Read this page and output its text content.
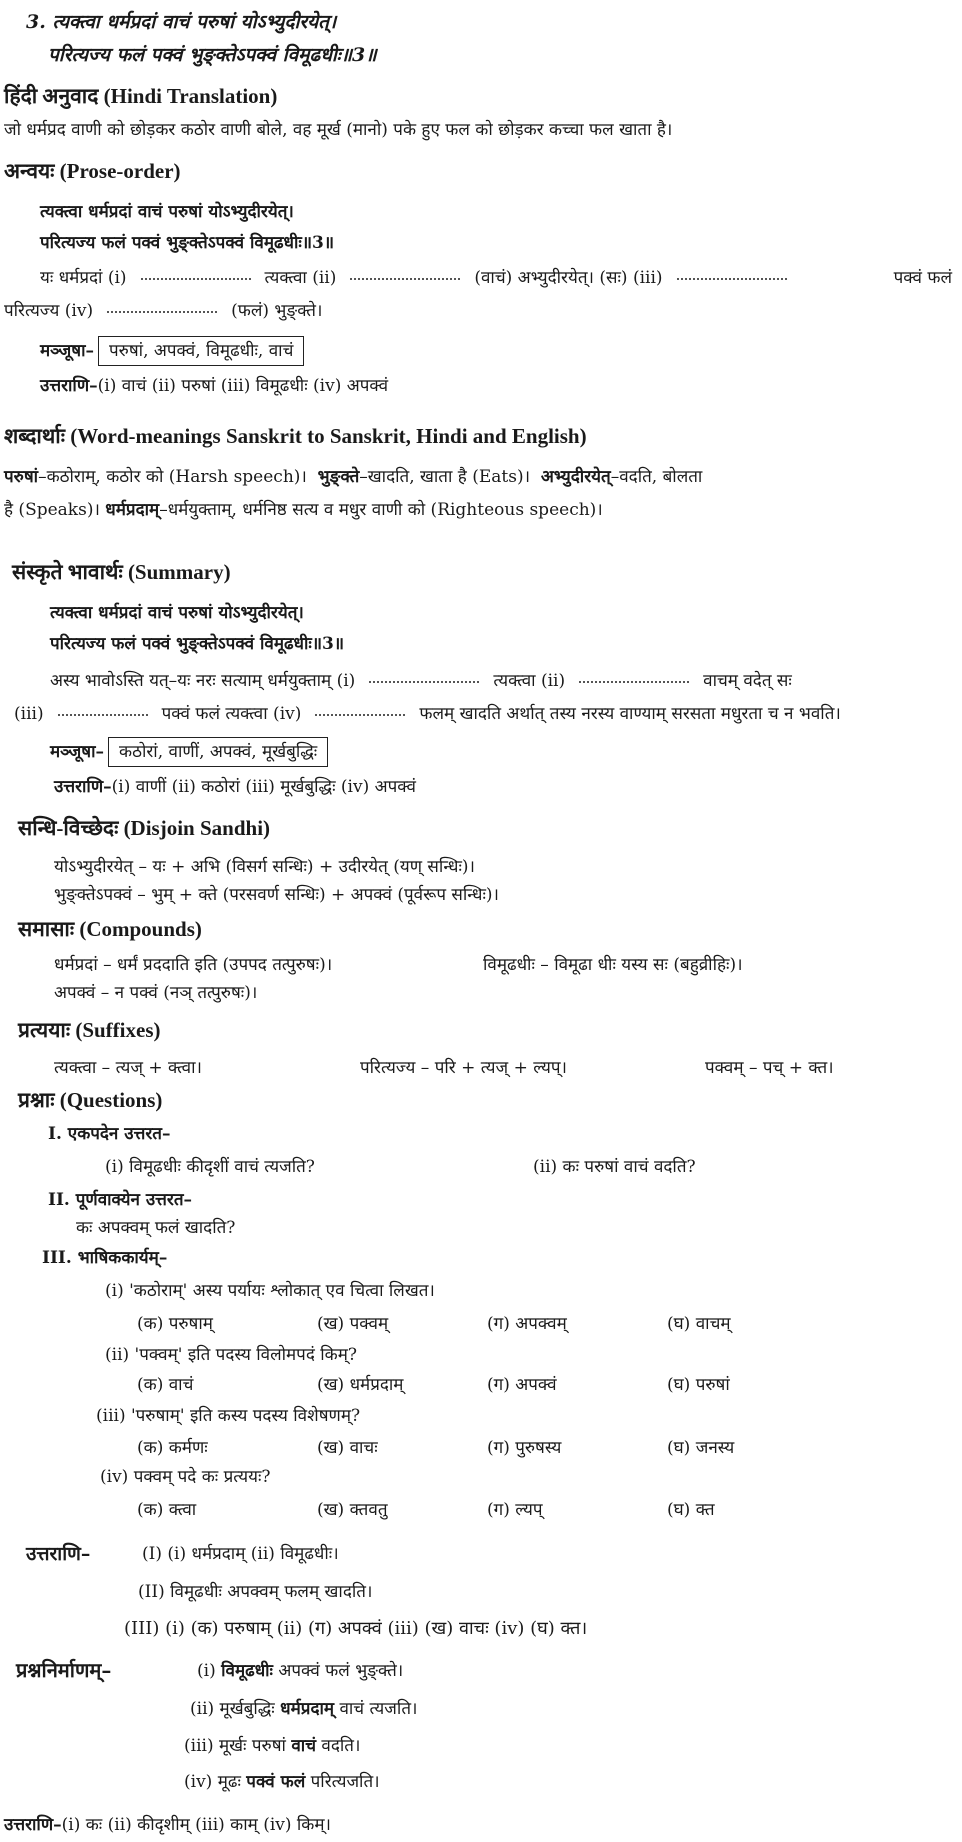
3. त्यक्त्वा धर्मप्रदां वाचं परुषां योऽभ्युदीरयेत्।
परित्यज्य फलं पक्वं भुङ्क्तेऽपक्वं विमूढधीः॥3॥
हिंदी अनुवाद (Hindi Translation)
जो धर्मप्रद वाणी को छोड़कर कठोर वाणी बोले, वह मूर्ख (मानो) पके हुए फल को छोड़कर कच्चा फल खाता है।
अन्वयः (Prose-order)
त्यक्त्वा धर्मप्रदां वाचं परुषां योऽभ्युदीरयेत्।
परित्यज्य फलं पक्वं भुङ्क्तेऽपक्वं विमूढधीः॥3॥
यः धर्मप्रदां (i)	त्यक्त्वा (ii)	(वाचं) अभ्युदीरयेत्। (सः) (iii)	पक्वं फलं
परित्यज्य (iv)	(फलं) भुङ्क्ते।
मञ्जूषा– परुषां, अपक्वं, विमूढधीः, वाचं
उत्तराणि–(i) वाचं (ii) परुषां (iii) विमूढधीः (iv) अपक्वं
शब्दार्थाः (Word-meanings Sanskrit to Sanskrit, Hindi and English)
परुषां–कठोराम्, कठोर को (Harsh speech)। भुङ्क्ते–खादति, खाता है (Eats)। अभ्युदीरयेत्–वदति, बोलता
है (Speaks)। धर्मप्रदाम्–धर्मयुक्ताम्, धर्मनिष्ठ सत्य व मधुर वाणी को (Righteous speech)।
संस्कृते भावार्थः (Summary)
त्यक्त्वा धर्मप्रदां वाचं परुषां योऽभ्युदीरयेत्।
परित्यज्य फलं पक्वं भुङ्क्तेऽपक्वं विमूढधीः॥3॥
अस्य भावोऽस्ति यत्–यः नरः सत्याम् धर्मयुक्ताम् (i)	त्यक्त्वा (ii)	वाचम् वदेत् सः
(iii)	पक्वं फलं त्यक्त्वा (iv)	फलम् खादति अर्थात् तस्य नरस्य वाण्याम् सरसता मधुरता च न भवति।
मञ्जूषा– कठोरां, वाणीं, अपक्वं, मूर्खबुद्धिः
उत्तराणि–(i) वाणीं (ii) कठोरां (iii) मूर्खबुद्धिः (iv) अपक्वं
सन्धि-विच्छेदः (Disjoin Sandhi)
योऽभ्युदीरयेत् – यः + अभि (विसर्ग सन्धिः) + उदीरयेत् (यण् सन्धिः)।
भुङ्क्तेऽपक्वं – भुम् + क्ते (परसवर्ण सन्धिः) + अपक्वं (पूर्वरूप सन्धिः)।
समासाः (Compounds)
धर्मप्रदां – धर्मं प्रददाति इति (उपपद तत्पुरुषः)।	विमूढधीः – विमूढा धीः यस्य सः (बहुव्रीहिः)।
अपक्वं – न पक्वं (नञ् तत्पुरुषः)।
प्रत्ययाः (Suffixes)
त्यक्त्वा – त्यज् + क्त्वा।	परित्यज्य – परि + त्यज् + ल्यप्।	पक्वम् – पच् + क्त।
प्रश्नाः (Questions)
I. एकपदेन उत्तरत–
(i) विमूढधीः कीदृशीं वाचं त्यजति?	(ii) कः परुषां वाचं वदति?
II. पूर्णवाक्येन उत्तरत–
कः अपक्वम् फलं खादति?
III. भाषिककार्यम्–
(i) 'कठोराम्' अस्य पर्यायः श्लोकात् एव चित्वा लिखत।
(क) परुषाम्	(ख) पक्वम्	(ग) अपक्वम्	(घ) वाचम्
(ii) 'पक्वम्' इति पदस्य विलोमपदं किम्?
(क) वाचं	(ख) धर्मप्रदाम्	(ग) अपक्वं	(घ) परुषां
(iii) 'परुषाम्' इति कस्य पदस्य विशेषणम्?
(क) कर्मणः	(ख) वाचः	(ग) पुरुषस्य	(घ) जनस्य
(iv) पक्वम् पदे कः प्रत्ययः?
(क) क्त्वा	(ख) क्तवतु	(ग) ल्यप्	(घ) क्त
उत्तराणि–	(I) (i) धर्मप्रदाम् (ii) विमूढधीः।
(II) विमूढधीः अपक्वम् फलम् खादति।
(III) (i) (क) परुषाम् (ii) (ग) अपक्वं (iii) (ख) वाचः (iv) (घ) क्त।
प्रश्ननिर्माणम्–	(i) विमूढधीः अपक्वं फलं भुङ्क्ते।
(ii) मूर्खबुद्धिः धर्मप्रदाम् वाचं त्यजति।
(iii) मूर्खः परुषां वाचं वदति।
(iv) मूढः पक्वं फलं परित्यजति।
उत्तराणि–(i) कः (ii) कीदृशीम् (iii) काम् (iv) किम्।
